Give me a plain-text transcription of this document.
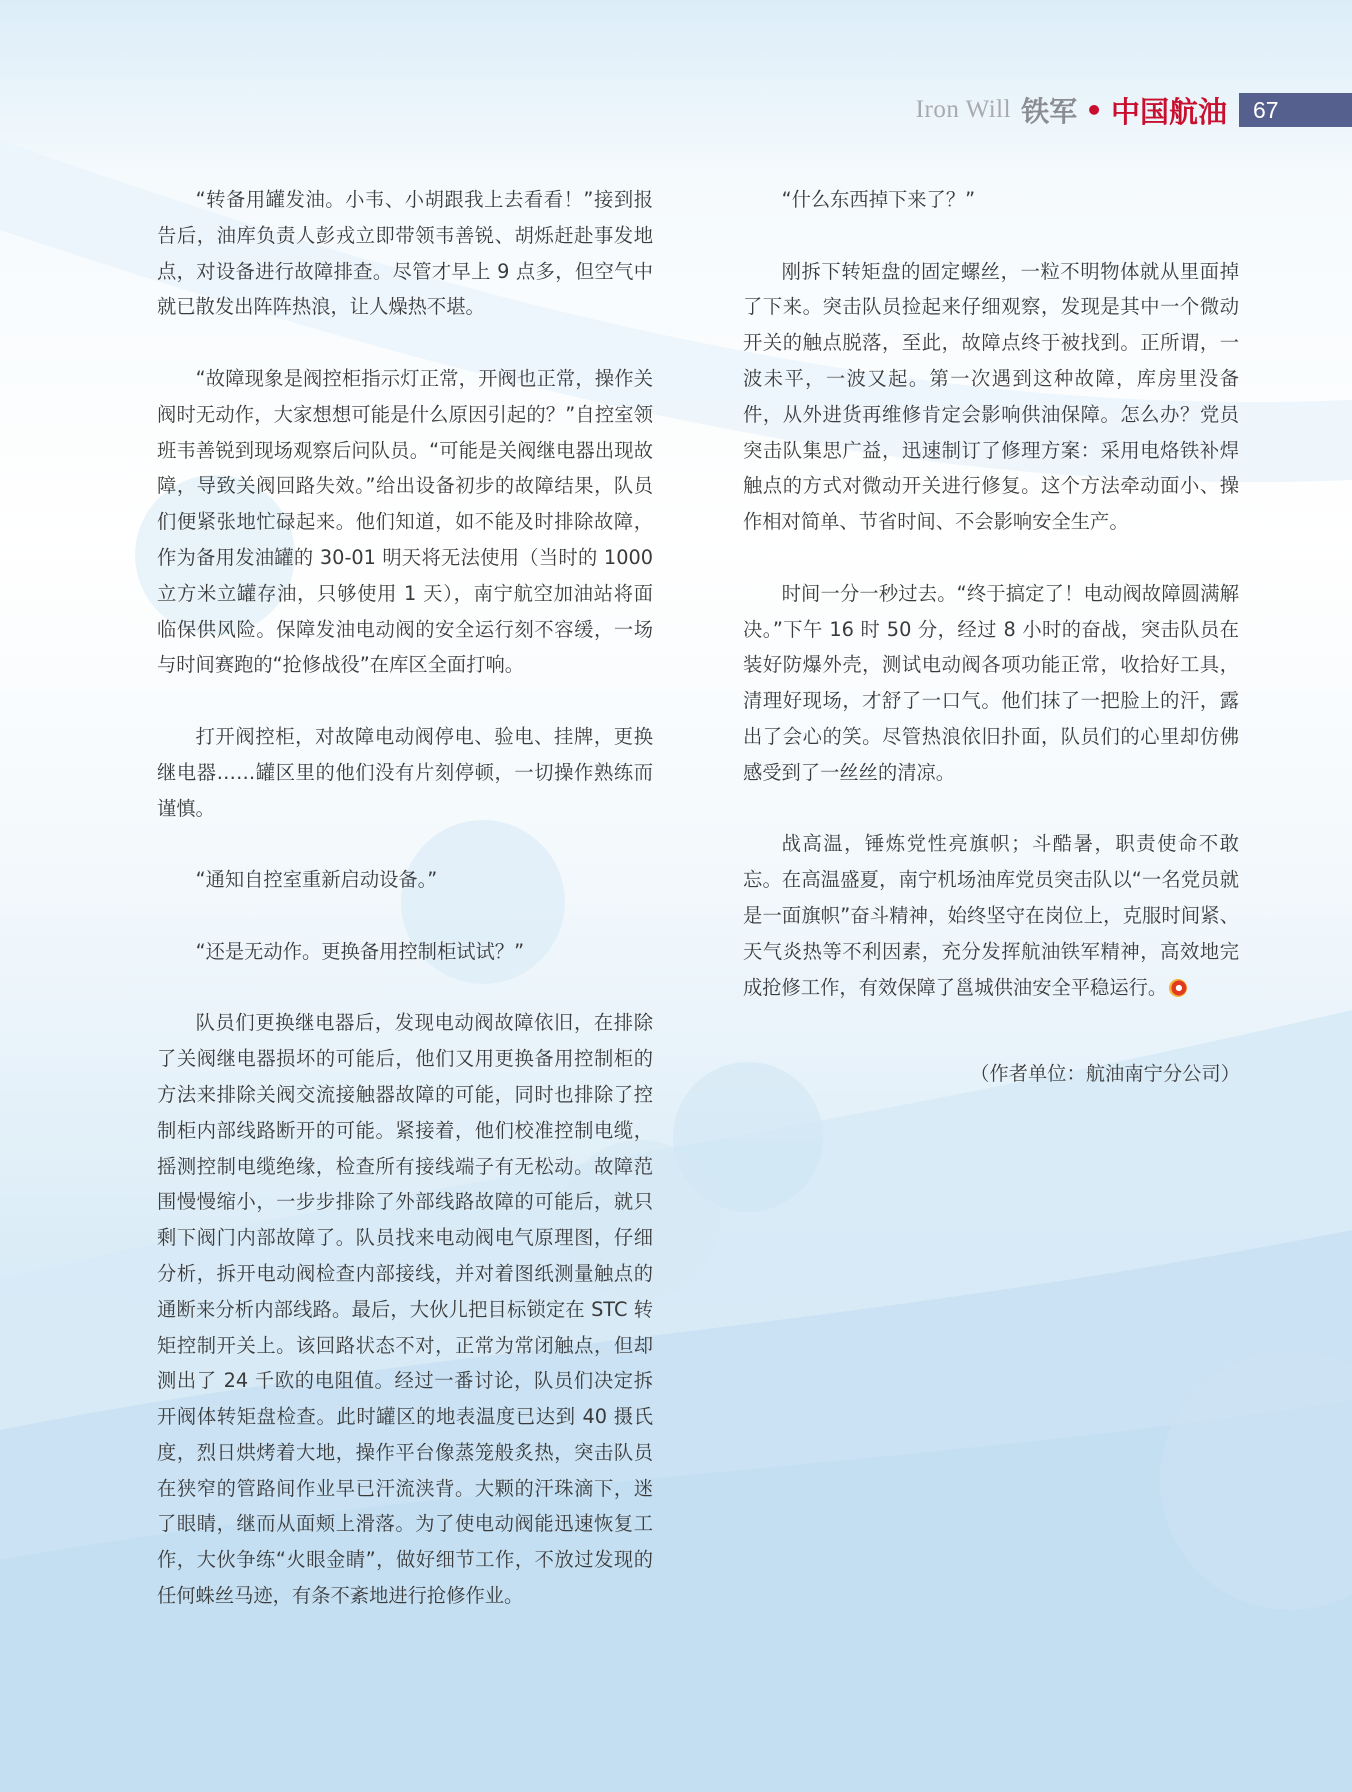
Iron Will 铁军 • 中国航油	67

“转备用罐发油。小韦、小胡跟我上去看看！”接到报告后，油库负责人彭戎立即带领韦善锐、胡烁赶赴事发地点，对设备进行故障排查。尽管才早上 9 点多，但空气中就已散发出阵阵热浪，让人燥热不堪。

“故障现象是阀控柜指示灯正常，开阀也正常，操作关阀时无动作，大家想想可能是什么原因引起的？”自控室领班韦善锐到现场观察后问队员。“可能是关阀继电器出现故障，导致关阀回路失效。”给出设备初步的故障结果，队员们便紧张地忙碌起来。他们知道，如不能及时排除故障，作为备用发油罐的 30-01 明天将无法使用（当时的 1000 立方米立罐存油，只够使用 1 天），南宁航空加油站将面临保供风险。保障发油电动阀的安全运行刻不容缓，一场与时间赛跑的“抢修战役”在库区全面打响。

打开阀控柜，对故障电动阀停电、验电、挂牌，更换继电器……罐区里的他们没有片刻停顿，一切操作熟练而谨慎。

“通知自控室重新启动设备。”

“还是无动作。更换备用控制柜试试？”

队员们更换继电器后，发现电动阀故障依旧，在排除了关阀继电器损坏的可能后，他们又用更换备用控制柜的方法来排除关阀交流接触器故障的可能，同时也排除了控制柜内部线路断开的可能。紧接着，他们校准控制电缆，摇测控制电缆绝缘，检查所有接线端子有无松动。故障范围慢慢缩小，一步步排除了外部线路故障的可能后，就只剩下阀门内部故障了。队员找来电动阀电气原理图，仔细分析，拆开电动阀检查内部接线，并对着图纸测量触点的通断来分析内部线路。最后，大伙儿把目标锁定在 STC 转矩控制开关上。该回路状态不对，正常为常闭触点，但却测出了 24 千欧的电阻值。经过一番讨论，队员们决定拆开阀体转矩盘检查。此时罐区的地表温度已达到 40 摄氏度，烈日烘烤着大地，操作平台像蒸笼般炙热，突击队员在狭窄的管路间作业早已汗流浃背。大颗的汗珠滴下，迷了眼睛，继而从面颊上滑落。为了使电动阀能迅速恢复工作，大伙争练“火眼金睛”，做好细节工作，不放过发现的任何蛛丝马迹，有条不紊地进行抢修作业。

“什么东西掉下来了？”

刚拆下转矩盘的固定螺丝，一粒不明物体就从里面掉了下来。突击队员捡起来仔细观察，发现是其中一个微动开关的触点脱落，至此，故障点终于被找到。正所谓，一波未平，一波又起。第一次遇到这种故障，库房里没备件，从外进货再维修肯定会影响供油保障。怎么办？党员突击队集思广益，迅速制订了修理方案：采用电烙铁补焊触点的方式对微动开关进行修复。这个方法牵动面小、操作相对简单、节省时间、不会影响安全生产。

时间一分一秒过去。“终于搞定了！电动阀故障圆满解决。”下午 16 时 50 分，经过 8 小时的奋战，突击队员在装好防爆外壳，测试电动阀各项功能正常，收拾好工具，清理好现场，才舒了一口气。他们抹了一把脸上的汗，露出了会心的笑。尽管热浪依旧扑面，队员们的心里却仿佛感受到了一丝丝的清凉。

战高温，锤炼党性亮旗帜；斗酷暑，职责使命不敢忘。在高温盛夏，南宁机场油库党员突击队以“一名党员就是一面旗帜”奋斗精神，始终坚守在岗位上，克服时间紧、天气炎热等不利因素，充分发挥航油铁军精神，高效地完成抢修工作，有效保障了邕城供油安全平稳运行。

（作者单位：航油南宁分公司）
